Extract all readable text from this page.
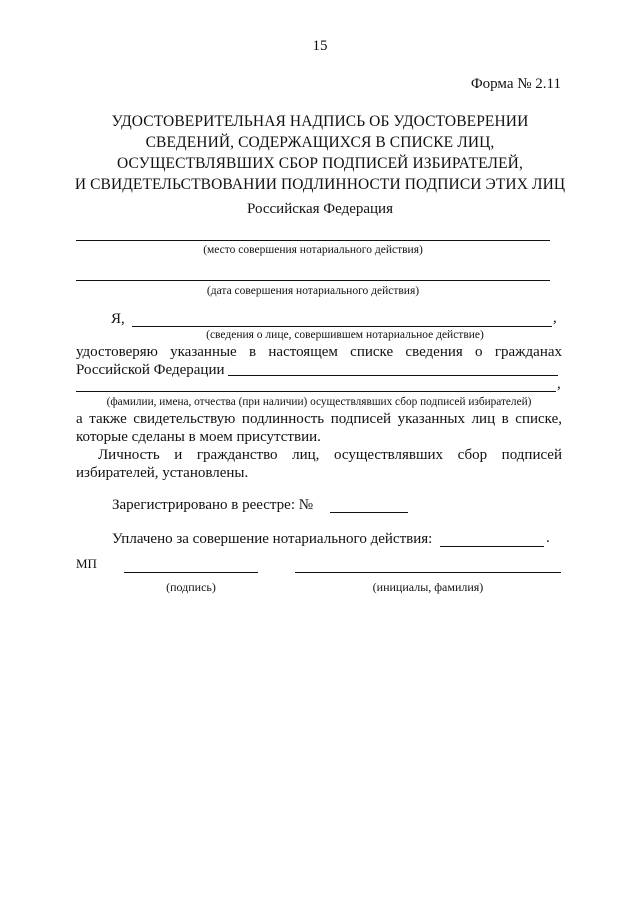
15
Форма № 2.11
УДОСТОВЕРИТЕЛЬНАЯ НАДПИСЬ ОБ УДОСТОВЕРЕНИИ
СВЕДЕНИЙ, СОДЕРЖАЩИХСЯ В СПИСКЕ ЛИЦ,
ОСУЩЕСТВЛЯВШИХ СБОР ПОДПИСЕЙ ИЗБИРАТЕЛЕЙ,
И СВИДЕТЕЛЬСТВОВАНИИ ПОДЛИННОСТИ ПОДПИСИ ЭТИХ ЛИЦ
Российская Федерация
(место совершения нотариального действия)
(дата совершения нотариального действия)
Я,	,
(сведения о лице, совершившем нотариальное действие)
удостоверяю указанные в настоящем списке сведения о гражданах
Российской Федерации
,
(фамилии, имена, отчества (при наличии) осуществлявших сбор подписей избирателей)
а также свидетельствую подлинность подписей указанных лиц в списке,
которые сделаны в моем присутствии.
Личность и гражданство лиц, осуществлявших сбор подписей
избирателей, установлены.
Зарегистрировано в реестре: №
Уплачено за совершение нотариального действия:	.
МП
(подпись)	(инициалы, фамилия)
